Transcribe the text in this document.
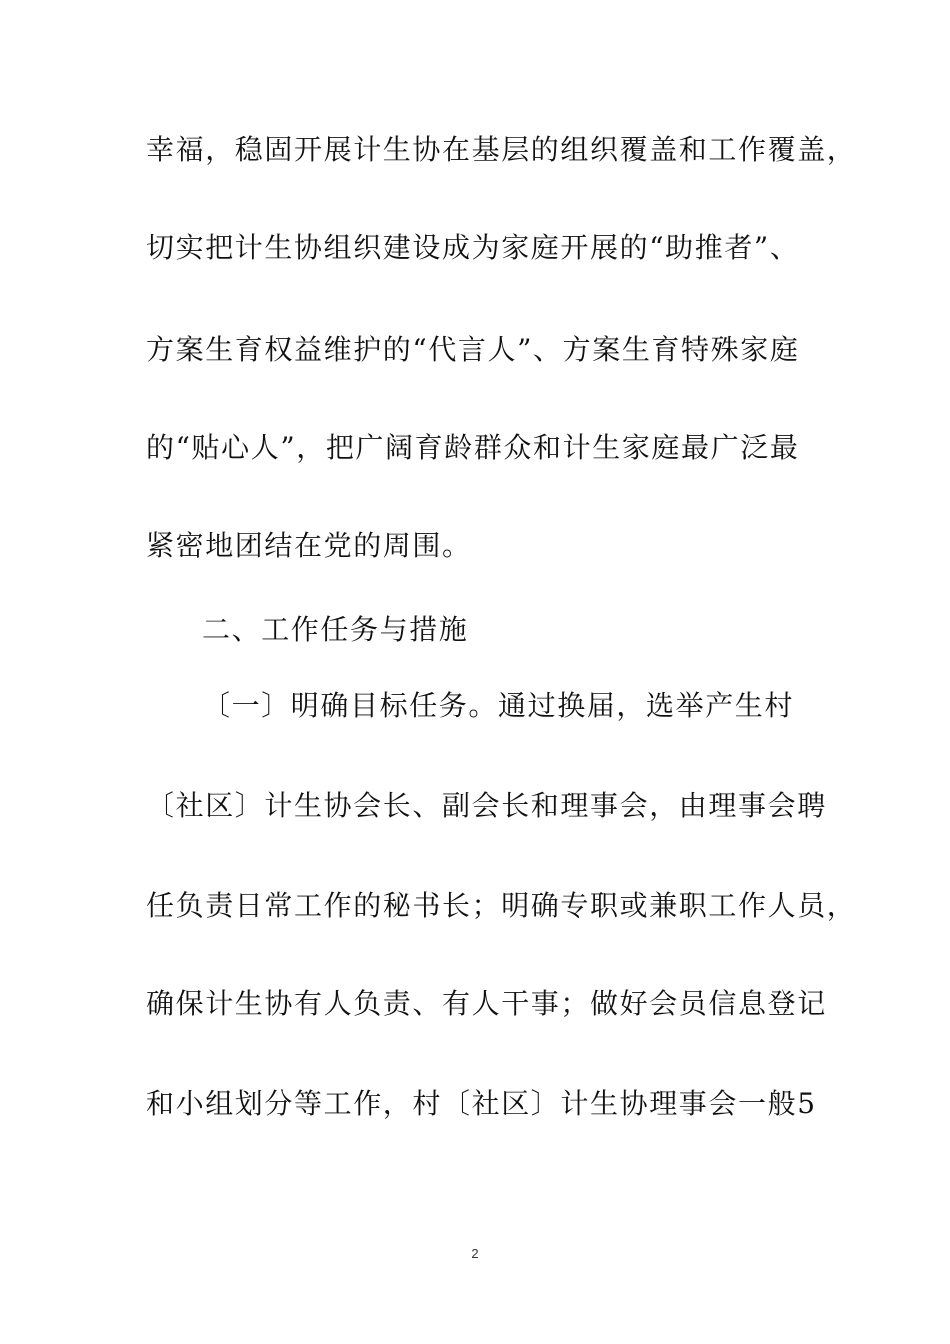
幸福，稳固开展计生协在基层的组织覆盖和工作覆盖，
切实把计生协组织建设成为家庭开展的“助推者”、
方案生育权益维护的“代言人”、方案生育特殊家庭
的“贴心人”，把广阔育龄群众和计生家庭最广泛最
紧密地团结在党的周围。
二、工作任务与措施
〔一〕明确目标任务。通过换届，选举产生村
〔社区〕计生协会长、副会长和理事会，由理事会聘
任负责日常工作的秘书长；明确专职或兼职工作人员，
确保计生协有人负责、有人干事；做好会员信息登记
和小组划分等工作，村〔社区〕计生协理事会一般5
2
